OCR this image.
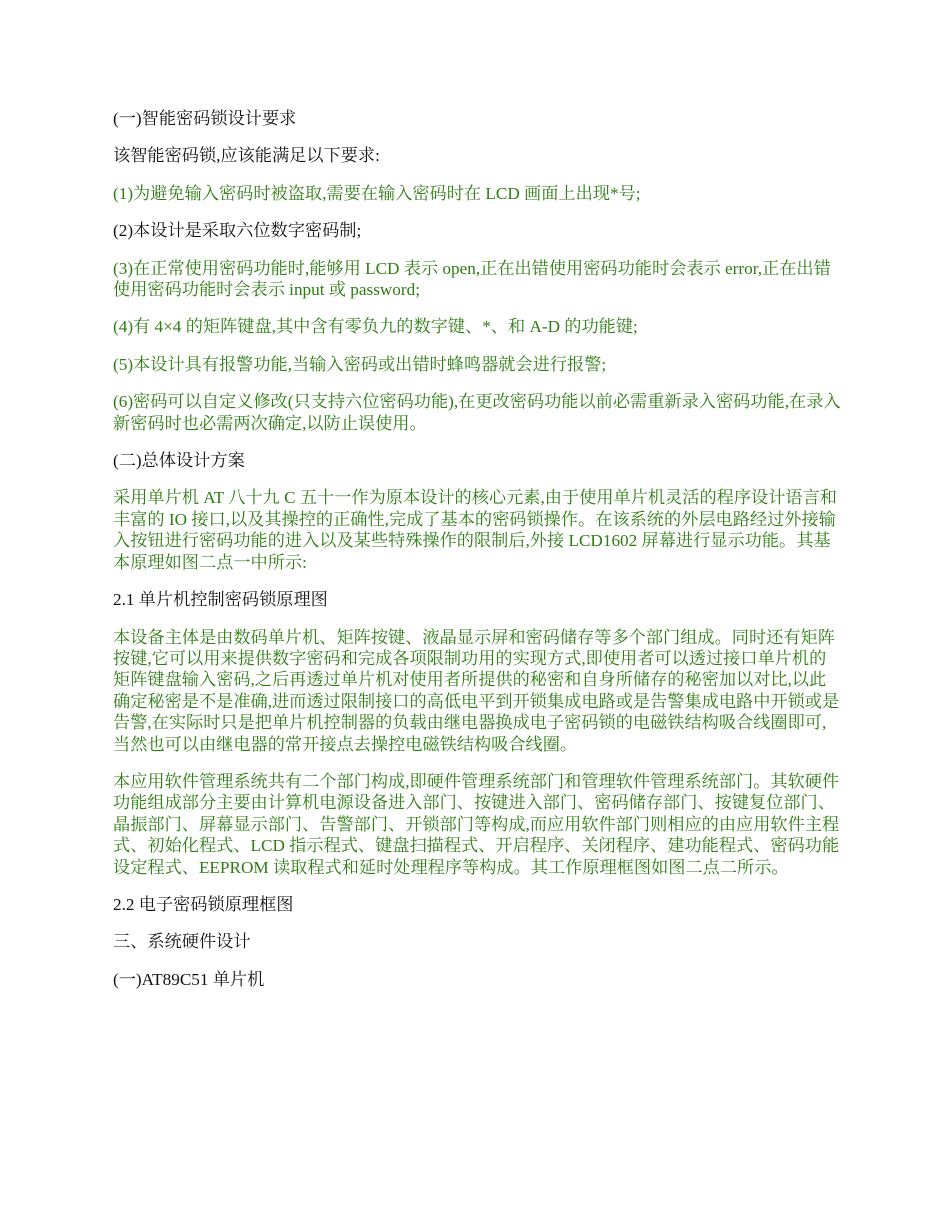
(一)智能密码锁设计要求

该智能密码锁,应该能满足以下要求:

(1)为避免输入密码时被盗取,需要在输入密码时在 LCD 画面上出现*号;

(2)本设计是采取六位数字密码制;

(3)在正常使用密码功能时,能够用 LCD 表示 open,正在出错使用密码功能时会表示 error,正在出错使用密码功能时会表示 input 或 password;

(4)有 4×4 的矩阵键盘,其中含有零负九的数字键、*、和 A-D 的功能键;

(5)本设计具有报警功能,当输入密码或出错时蜂鸣器就会进行报警;

(6)密码可以自定义修改(只支持六位密码功能),在更改密码功能以前必需重新录入密码功能,在录入新密码时也必需两次确定,以防止误使用。

(二)总体设计方案

采用单片机 AT 八十九 C 五十一作为原本设计的核心元素,由于使用单片机灵活的程序设计语言和丰富的 IO 接口,以及其操控的正确性,完成了基本的密码锁操作。在该系统的外层电路经过外接输入按钮进行密码功能的进入以及某些特殊操作的限制后,外接 LCD1602 屏幕进行显示功能。其基本原理如图二点一中所示:

2.1 单片机控制密码锁原理图

本设备主体是由数码单片机、矩阵按键、液晶显示屏和密码储存等多个部门组成。同时还有矩阵按键,它可以用来提供数字密码和完成各项限制功用的实现方式,即使用者可以透过接口单片机的矩阵键盘输入密码,之后再透过单片机对使用者所提供的秘密和自身所储存的秘密加以对比,以此确定秘密是不是准确,进而透过限制接口的高低电平到开锁集成电路或是告警集成电路中开锁或是告警,在实际时只是把单片机控制器的负载由继电器换成电子密码锁的电磁铁结构吸合线圈即可,当然也可以由继电器的常开接点去操控电磁铁结构吸合线圈。

本应用软件管理系统共有二个部门构成,即硬件管理系统部门和管理软件管理系统部门。其软硬件功能组成部分主要由计算机电源设备进入部门、按键进入部门、密码储存部门、按键复位部门、晶振部门、屏幕显示部门、告警部门、开锁部门等构成,而应用软件部门则相应的由应用软件主程式、初始化程式、LCD 指示程式、键盘扫描程式、开启程序、关闭程序、建功能程式、密码功能设定程式、EEPROM 读取程式和延时处理程序等构成。其工作原理框图如图二点二所示。

2.2 电子密码锁原理框图

三、系统硬件设计

(一)AT89C51 单片机
